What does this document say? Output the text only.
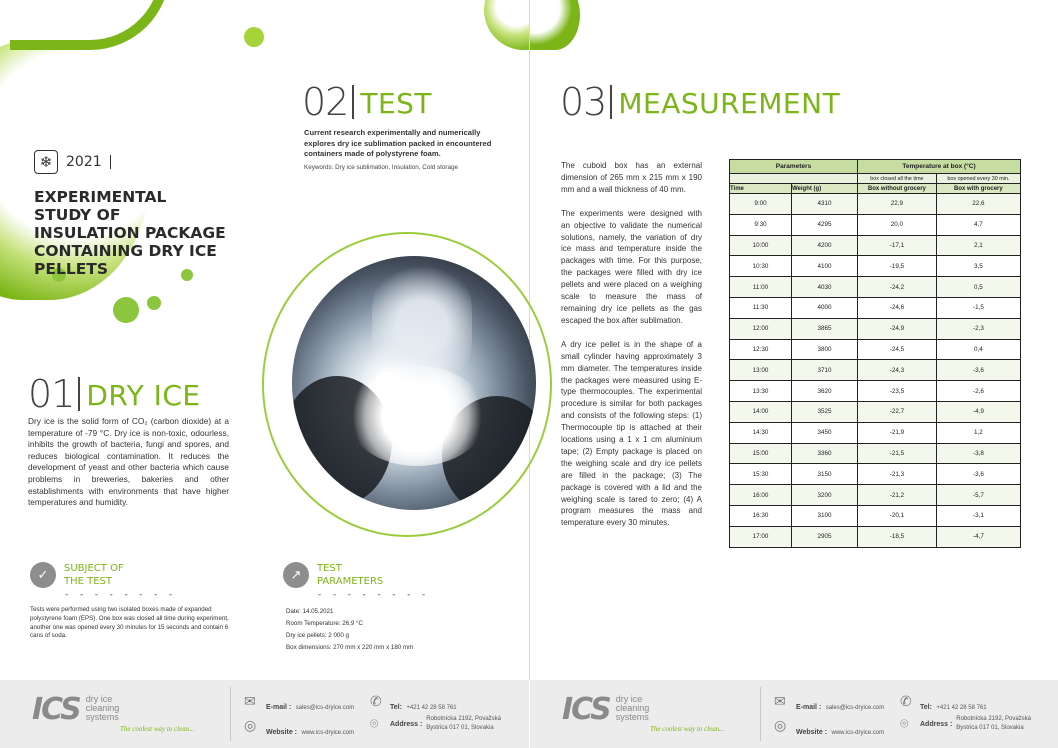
❄ 2021
EXPERIMENTAL STUDY OF INSULATION PACKAGE CONTAINING DRY ICE PELLETS
01 DRY ICE
Dry ice is the solid form of CO₂ (carbon dioxide) at a temperature of -79 °C. Dry ice is non-toxic, odourless, inhibits the growth of bacteria, fungi and spores, and reduces biological contamination. It reduces the development of yeast and other bacteria which cause problems in breweries, bakeries and other establishments with environments that have higher temperatures and humidity.
02 TEST
Current research experimentally and numerically explores dry ice sublimation packed in encountered containers made of polystyrene foam.
Keywords: Dry ice sublimation, Insulation, Cold storage
✓	SUBJECT OF
THE TEST
- - - - - - - -
Tests were performed using two isolated boxes made of expanded polystyrene foam (EPS). One box was closed all time during experiment, another one was opened every 30 minutes for 15 seconds and contain 6 cans of soda.
↗	TEST
PARAMETERS
- - - - - - - -
Date: 14.05.2021
Room Temperature: 26,9 °C
Dry ice pellets: 2 000 g
Box dimensions: 270 mm x 220 mm x 180 mm
03 MEASUREMENT

The cuboid box has an external dimension of 265 mm x 215 mm x 190 mm and a wall thickness of 40 mm.

The experiments were designed with an objective to validate the numerical solutions, namely, the variation of dry ice mass and temperature inside the packages with time. For this purpose, the packages were filled with dry ice pellets and were placed on a weighing scale to measure the mass of remaining dry ice pellets as the gas escaped the box after sublimation.

A dry ice pellet is in the shape of a small cylinder having approximately 3 mm diameter. The temperatures inside the packages were measured using E-type thermocouples. The experimental procedure is similar for both packages and consists of the following steps: (1) Thermocouple tip is attached at their locations using a 1 x 1 cm aluminium tape; (2) Empty package is placed on the weighing scale and dry ice pellets are filled in the package; (3) The package is covered with a lid and the weighing scale is tared to zero; (4) A program measures the mass and temperature every 30 minutes.

Parameters		Temperature at box (°C)	
		box closed all the time	box opened every 30 min.
Time	Weight (g)	Box without grocery	Box with grocery
9:00	4310	22,9	22,6
9:30	4295	20,0	4,7
10:00	4200	-17,1	2,1
10:30	4100	-19,5	3,5
11:00	4030	-24,2	0,5
11:30	4000	-24,6	-1,5
12:00	3865	-24,9	-2,3
12:30	3800	-24,5	0,4
13:00	3710	-24,3	-3,6
13:30	3620	-23,5	-2,6
14:00	3525	-22,7	-4,9
14:30	3450	-21,9	1,2
15:00	3360	-21,5	-3,8
15:30	3150	-21,3	-3,6
16:00	3200	-21,2	-5,7
16:30	3100	-20,1	-3,1
17:00	2905	-18,5	-4,7
ICS dry ice
cleaning
systems
The coolest way to clean...
✉ E-mail : sales@ics-dryice.com ✆ Tel: +421 42 28 58 761
◎ Website : www.ics-dryice.com
⌾ Address :
Robotnícka 2192, Považská
Bystrica 017 01, Slovakia
ICS dry ice
cleaning
systems
The coolest way to clean...
✉ E-mail : sales@ics-dryice.com ✆ Tel: +421 42 28 58 761
◎ Website : www.ics-dryice.com
⌾ Address :
Robotnícka 2192, Považská
Bystrica 017 01, Slovakia
